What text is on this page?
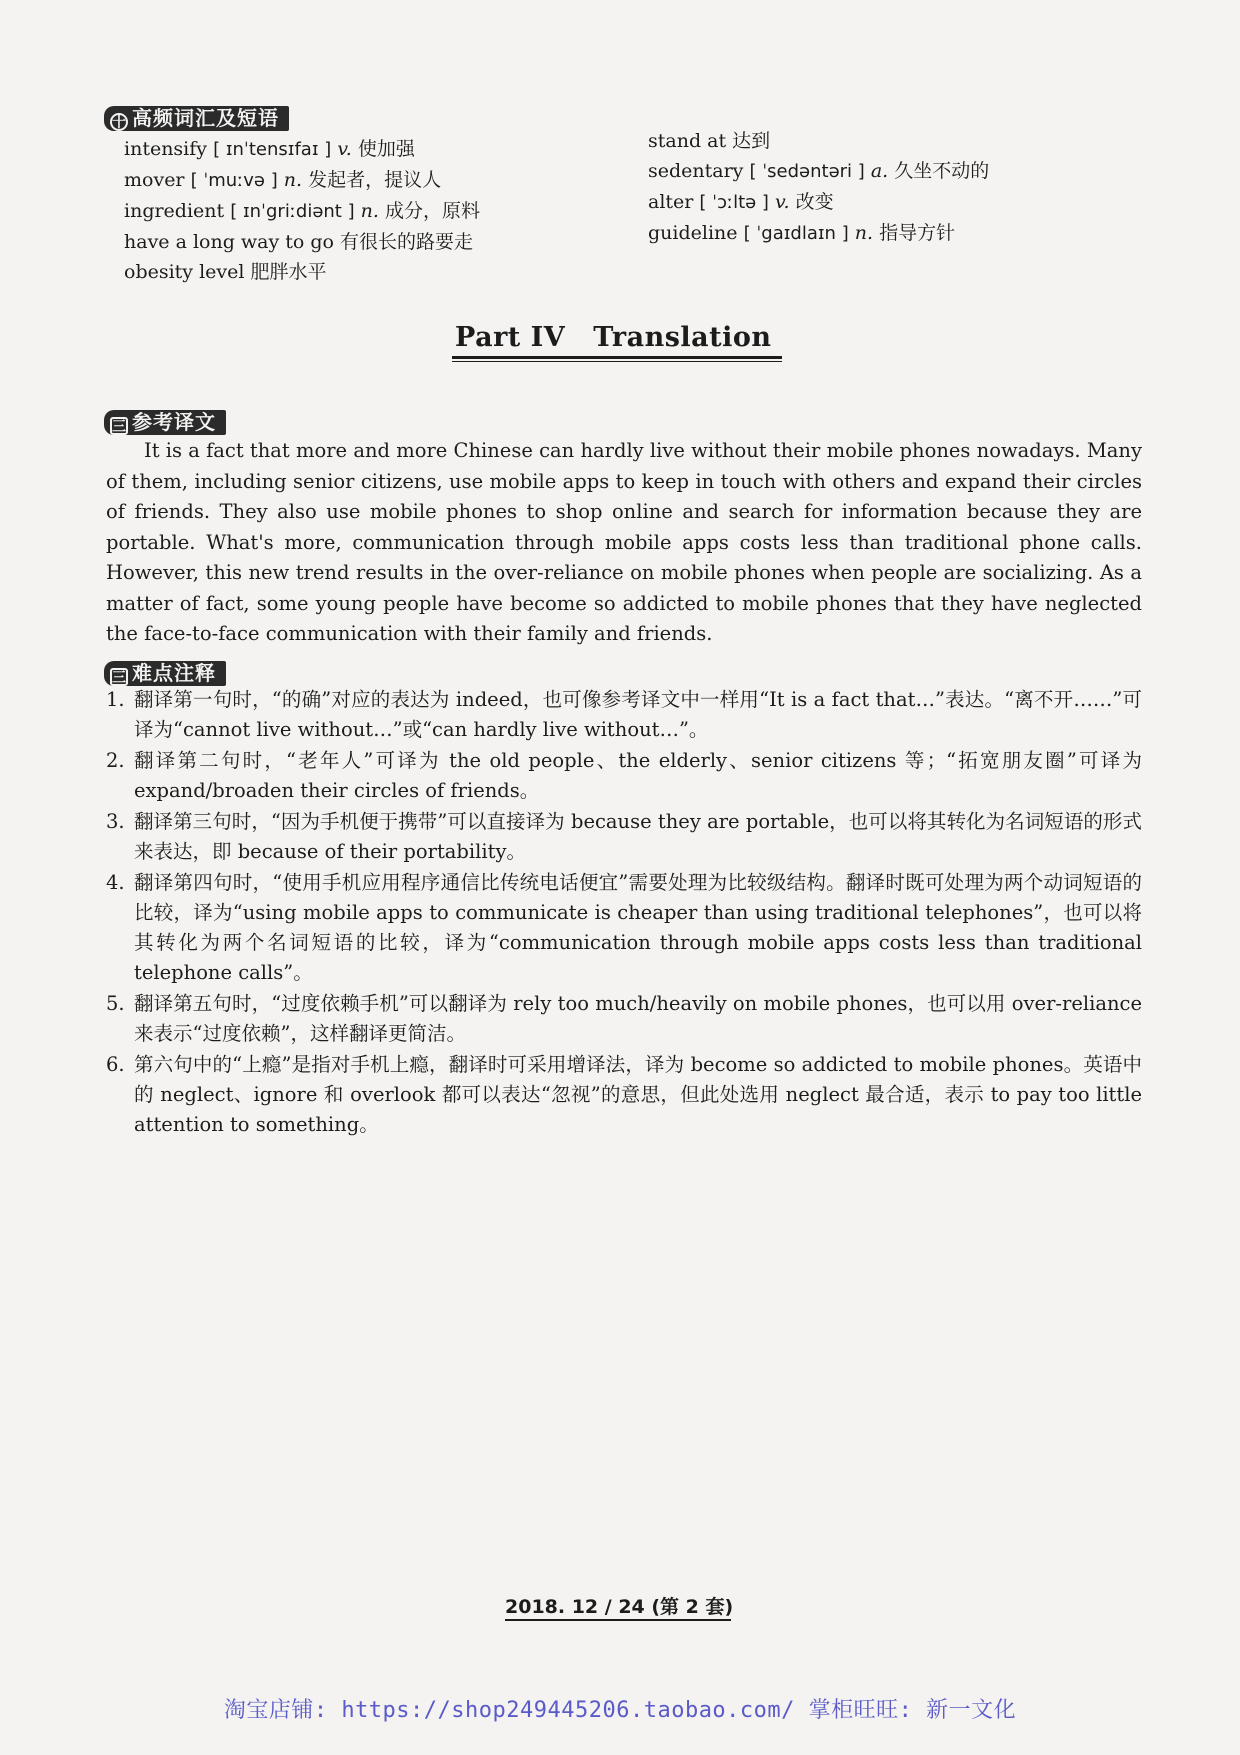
十 高频词汇及短语
intensify [ ɪnˈtensɪfaɪ ] v. 使加强
mover [ ˈmuːvə ] n. 发起者，提议人
ingredient [ ɪnˈgriːdiənt ] n. 成分，原料
have a long way to go 有很长的路要走
obesity level 肥胖水平
stand at 达到
sedentary [ ˈsedəntəri ] a. 久坐不动的
alter [ ˈɔːltə ] v. 改变
guideline [ ˈgaɪdlaɪn ] n. 指导方针
Part IV Translation
三 参考译文
It is a fact that more and more Chinese can hardly live without their mobile phones nowadays. Many of them, including senior citizens, use mobile apps to keep in touch with others and expand their circles of friends. They also use mobile phones to shop online and search for information because they are portable. What's more, communication through mobile apps costs less than traditional phone calls. However, this new trend results in the over-reliance on mobile phones when people are socializing. As a matter of fact, some young people have become so addicted to mobile phones that they have neglected the face-to-face communication with their family and friends.
三 难点注释
1. 翻译第一句时，“的确”对应的表达为 indeed，也可像参考译文中一样用“It is a fact that…”表达。“离不开……”可译为“cannot live without…”或“can hardly live without…”。
2. 翻译第二句时，“老年人”可译为 the old people、the elderly、senior citizens 等；“拓宽朋友圈”可译为 expand/broaden their circles of friends。
3. 翻译第三句时，“因为手机便于携带”可以直接译为 because they are portable，也可以将其转化为名词短语的形式来表达，即 because of their portability。
4. 翻译第四句时，“使用手机应用程序通信比传统电话便宜”需要处理为比较级结构。翻译时既可处理为两个动词短语的比较，译为“using mobile apps to communicate is cheaper than using traditional telephones”，也可以将其转化为两个名词短语的比较，译为“communication through mobile apps costs less than traditional telephone calls”。
5. 翻译第五句时，“过度依赖手机”可以翻译为 rely too much/heavily on mobile phones，也可以用 over-reliance 来表示“过度依赖”，这样翻译更简洁。
6. 第六句中的“上瘾”是指对手机上瘾，翻译时可采用增译法，译为 become so addicted to mobile phones。英语中的 neglect、ignore 和 overlook 都可以表达“忽视”的意思，但此处选用 neglect 最合适，表示 to pay too little attention to something。
2018. 12 / 24 (第 2 套)
淘宝店铺: https://shop249445206.taobao.com/ 掌柜旺旺: 新一文化
